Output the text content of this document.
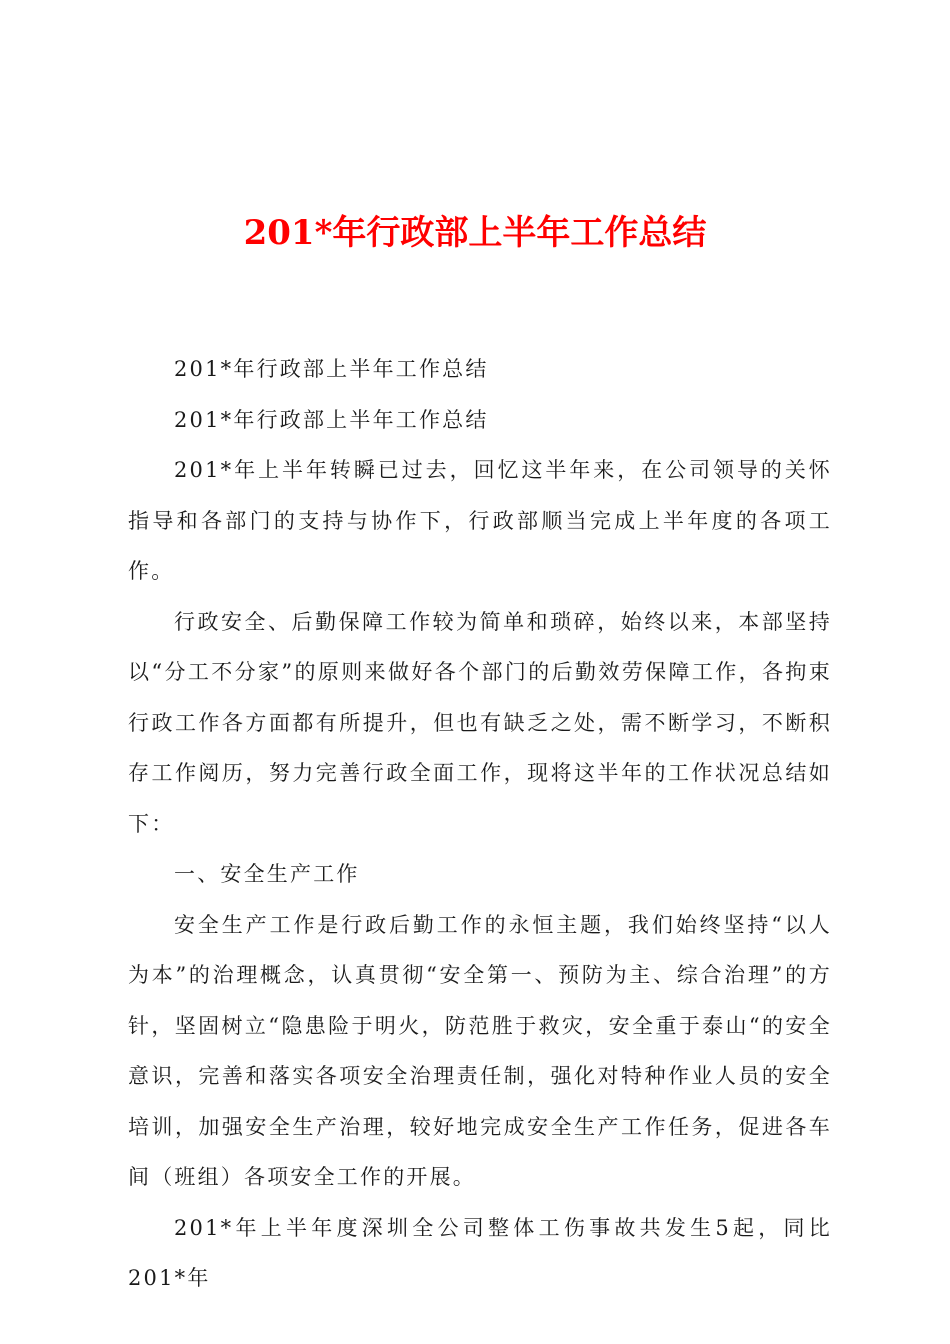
201*年行政部上半年工作总结

201*年行政部上半年工作总结

201*年行政部上半年工作总结

201*年上半年转瞬已过去，回忆这半年来，在公司领导的关怀指导和各部门的支持与协作下，行政部顺当完成上半年度的各项工作。

行政安全、后勤保障工作较为简单和琐碎，始终以来，本部坚持以“分工不分家”的原则来做好各个部门的后勤效劳保障工作，各拘束行政工作各方面都有所提升，但也有缺乏之处，需不断学习，不断积存工作阅历，努力完善行政全面工作，现将这半年的工作状况总结如下：

一、安全生产工作

安全生产工作是行政后勤工作的永恒主题，我们始终坚持“以人为本”的治理概念，认真贯彻“安全第一、预防为主、综合治理”的方针，坚固树立“隐患险于明火，防范胜于救灾，安全重于泰山“的安全意识，完善和落实各项安全治理责任制，强化对特种作业人员的安全培训，加强安全生产治理，较好地完成安全生产工作任务，促进各车间（班组）各项安全工作的开展。

201*年上半年度深圳全公司整体工伤事故共发生5起，同比201*年
